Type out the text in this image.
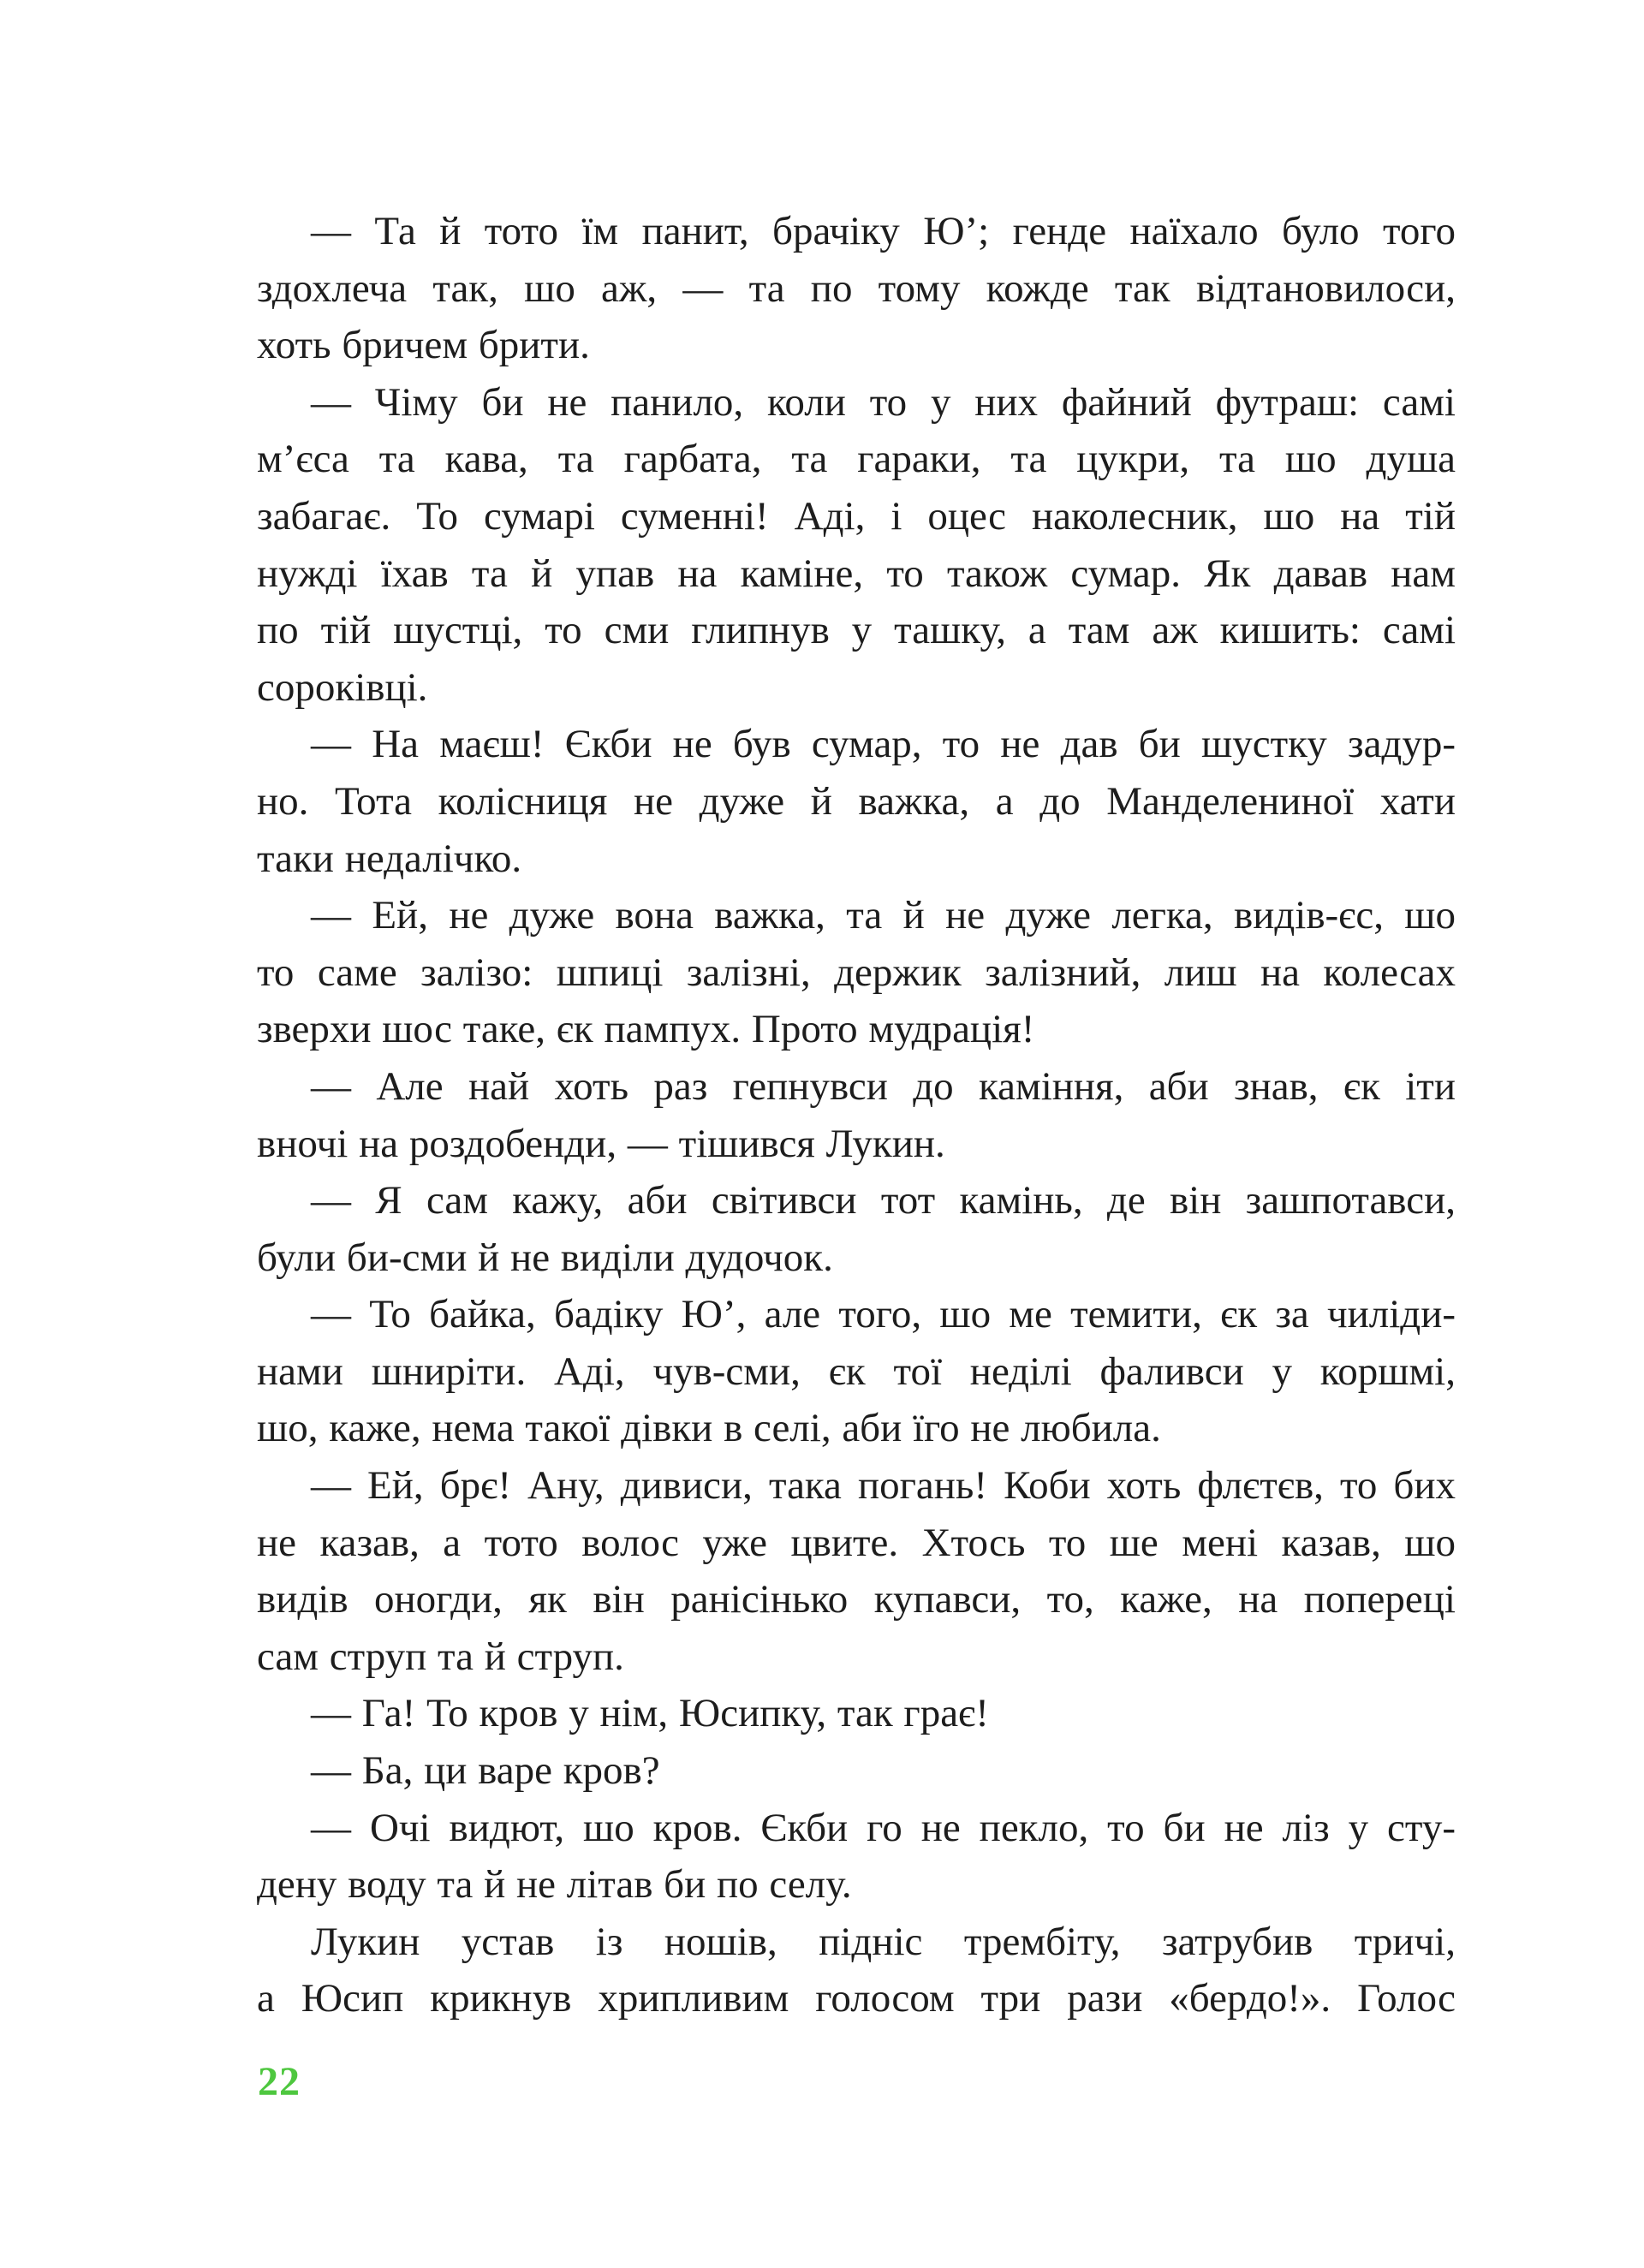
— Та й тото їм панит, брачіку Ю’; генде наїхало було того
здохлеча так, шо аж, — та по тому кожде так відтановилоси,
хоть бричем брити.
— Чіму би не панило, коли то у них файний футраш: самі
м’єса та кава, та гарбата, та гараки, та цукри, та шо душа
забагає. То сумарі суменні! Аді, і оцес наколесник, шо на тій
нужді їхав та й упав на каміне, то також сумар. Як давав нам
по тій шустці, то сми глипнув у ташку, а там аж кишить: самі
сороківці.
— На маєш! Єкби не був сумар, то не дав би шустку задур-
но. Тота колісниця не дуже й важка, а до Манделениної хати
таки недалічко.
— Ей, не дуже вона важка, та й не дуже легка, видів-єс, шо
то саме залізо: шпиці залізні, держик залізний, лиш на колесах
зверхи шос таке, єк пампух. Прото мудрація!
— Але най хоть раз гепнувси до каміння, аби знав, єк іти
вночі на роздобенди, — тішився Лукин.
— Я сам кажу, аби світивси тот камінь, де він зашпотавси,
були би-сми й не виділи дудочок.
— То байка, бадіку Ю’, але того, шо ме темити, єк за чиліди-
нами шниріти. Аді, чув-сми, єк тої неділі фаливси у коршмі,
шо, каже, нема такої дівки в селі, аби їго не любила.
— Ей, брє! Ану, дивиси, така погань! Коби хоть флєтєв, то бих
не казав, а тото волос уже цвите. Хтось то ше мені казав, шо
видів оногди, як він ранісінько купавси, то, каже, на попереці
сам струп та й струп.
— Га! То кров у нім, Юсипку, так грає!
— Ба, ци варе кров?
— Очі видют, шо кров. Єкби го не пекло, то би не ліз у сту-
дену воду та й не літав би по селу.
Лукин устав із ношів, підніс трембіту, затрубив тричі,
а Юсип крикнув хрипливим голосом три рази «бердо!». Голос
22
